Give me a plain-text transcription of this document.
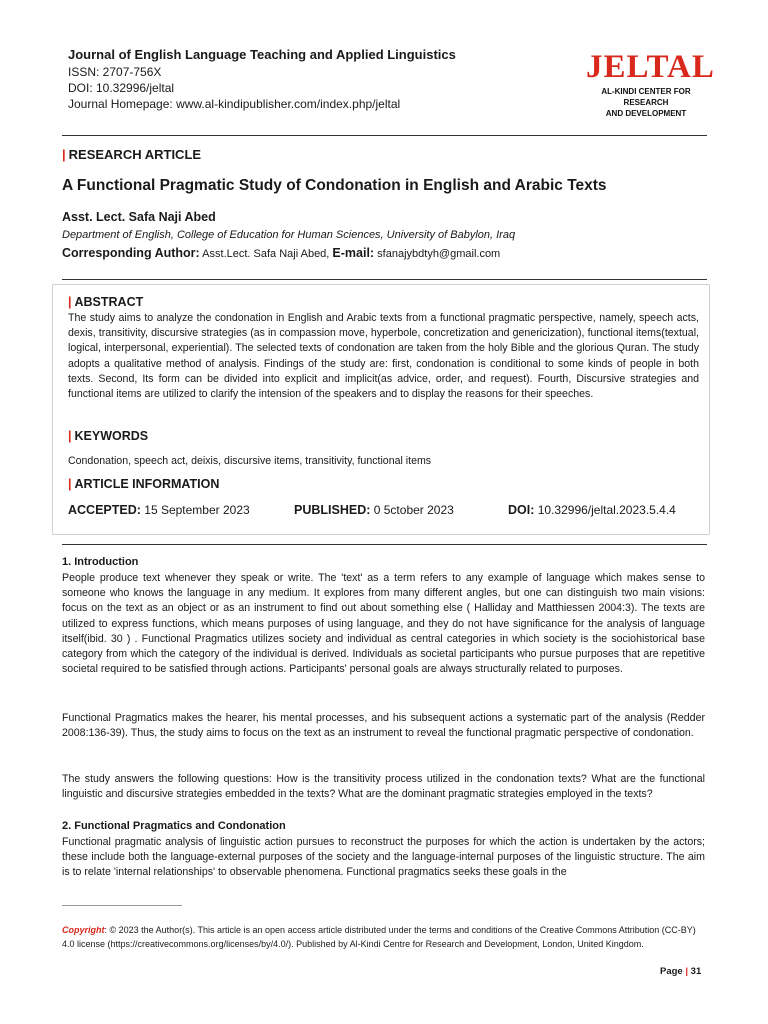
Journal of English Language Teaching and Applied Linguistics
ISSN: 2707-756X
DOI: 10.32996/jeltal
Journal Homepage: www.al-kindipublisher.com/index.php/jeltal
JELTAL
AL-KINDI CENTER FOR RESEARCH
AND DEVELOPMENT
| RESEARCH ARTICLE
A Functional Pragmatic Study of Condonation in English and Arabic Texts
Asst. Lect. Safa Naji Abed
Department of English, College of Education for Human Sciences, University of Babylon, Iraq
Corresponding Author: Asst.Lect. Safa Naji Abed, E-mail: sfanajybdtyh@gmail.com
| ABSTRACT
The study aims to analyze the condonation in English and Arabic texts from a functional pragmatic perspective, namely, speech acts, dexis, transitivity, discursive strategies (as in compassion move, hyperbole, concretization and genericization), functional items(textual, logical, interpersonal, experiential). The selected texts of condonation are taken from the holy Bible and the glorious Quran. The study adopts a qualitative method of analysis. Findings of the study are: first, condonation is conditional to some kinds of people in both texts. Second, Its form can be divided into explicit and implicit(as advice, order, and request). Fourth, Discursive strategies and functional items are utilized to clarify the intension of the speakers and to display the reasons for their speeches.
| KEYWORDS
Condonation, speech act, deixis, discursive items, transitivity, functional items
| ARTICLE INFORMATION
ACCEPTED: 15 September 2023	PUBLISHED: 0 5ctober 2023	DOI: 10.32996/jeltal.2023.5.4.4
1. Introduction
People produce text whenever they speak or write. The 'text' as a term refers to any example of language which makes sense to someone who knows the language in any medium. It explores from many different angles, but one can distinguish two main visions: focus on the text as an object or as an instrument to find out about something else ( Halliday and Matthiessen 2004:3). The texts are utilized to express functions, which means purposes of using language, and they do not have significance for the analysis of language itself(ibid. 30 ) . Functional Pragmatics utilizes society and individual as central categories in which society is the sociohistorical base category from which the category of the individual is derived. Individuals as societal participants who pursue purposes that are repetitive societal required to be satisfied through actions. Participants' personal goals are always structurally related to purposes.
Functional Pragmatics makes the hearer, his mental processes, and his subsequent actions a systematic part of the analysis (Redder 2008:136-39). Thus, the study aims to focus on the text as an instrument to reveal the functional pragmatic perspective of condonation.
The study answers the following questions: How is the transitivity process utilized in the condonation texts? What are the functional linguistic and discursive strategies embedded in the texts? What are the dominant pragmatic strategies employed in the texts?
2. Functional Pragmatics and Condonation
Functional pragmatic analysis of linguistic action pursues to reconstruct the purposes for which the action is undertaken by the actors; these include both the language-external purposes of the society and the language-internal purposes of the linguistic structure. The aim is to relate 'internal relationships' to observable phenomena. Functional pragmatics seeks these goals in the
Copyright: © 2023 the Author(s). This article is an open access article distributed under the terms and conditions of the Creative Commons Attribution (CC-BY) 4.0 license (https://creativecommons.org/licenses/by/4.0/). Published by Al-Kindi Centre for Research and Development, London, United Kingdom.
Page | 31
